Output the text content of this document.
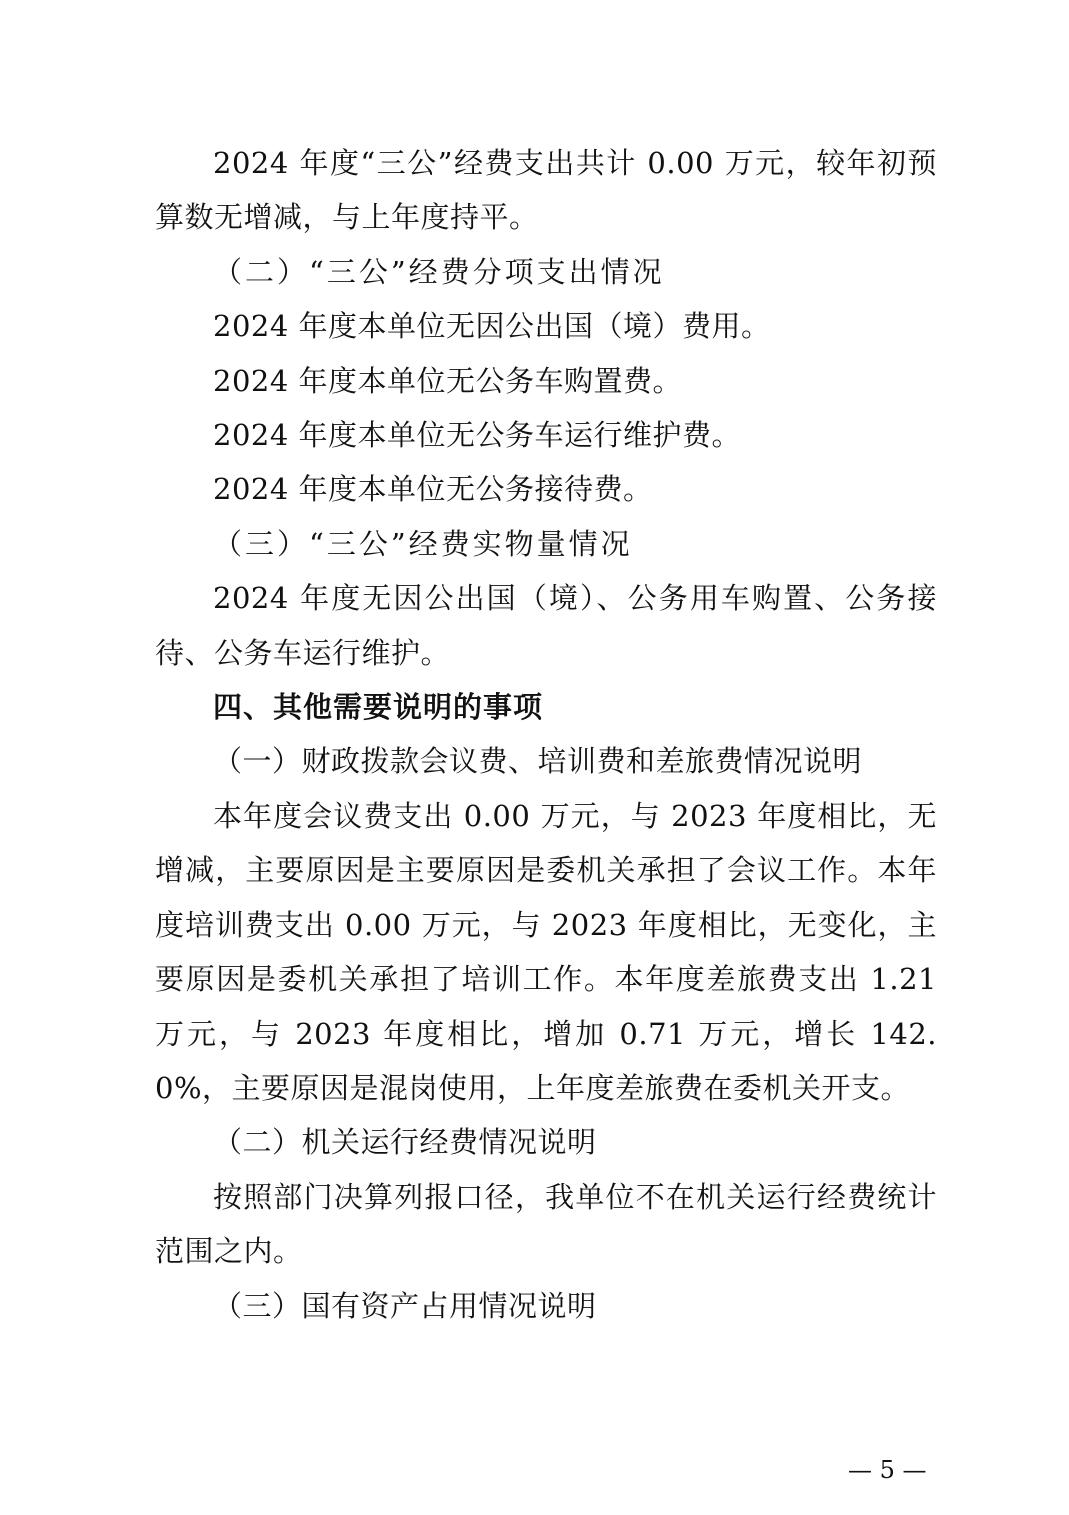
2024 年度“三公”经费支出共计 0.00 万元，较年初预算数无增减，与上年度持平。

（二）“三公”经费分项支出情况

2024 年度本单位无因公出国（境）费用。

2024 年度本单位无公务车购置费。

2024 年度本单位无公务车运行维护费。

2024 年度本单位无公务接待费。

（三）“三公”经费实物量情况

2024 年度无因公出国（境）、公务用车购置、公务接待、公务车运行维护。

四、其他需要说明的事项

（一）财政拨款会议费、培训费和差旅费情况说明

本年度会议费支出 0.00 万元，与 2023 年度相比，无增减，主要原因是主要原因是委机关承担了会议工作。本年度培训费支出 0.00 万元，与 2023 年度相比，无变化，主要原因是委机关承担了培训工作。本年度差旅费支出 1.21 万元，与 2023 年度相比，增加 0.71 万元，增长 142.0%，主要原因是混岗使用，上年度差旅费在委机关开支。

（二）机关运行经费情况说明

按照部门决算列报口径，我单位不在机关运行经费统计范围之内。

（三）国有资产占用情况说明

— 5 —
